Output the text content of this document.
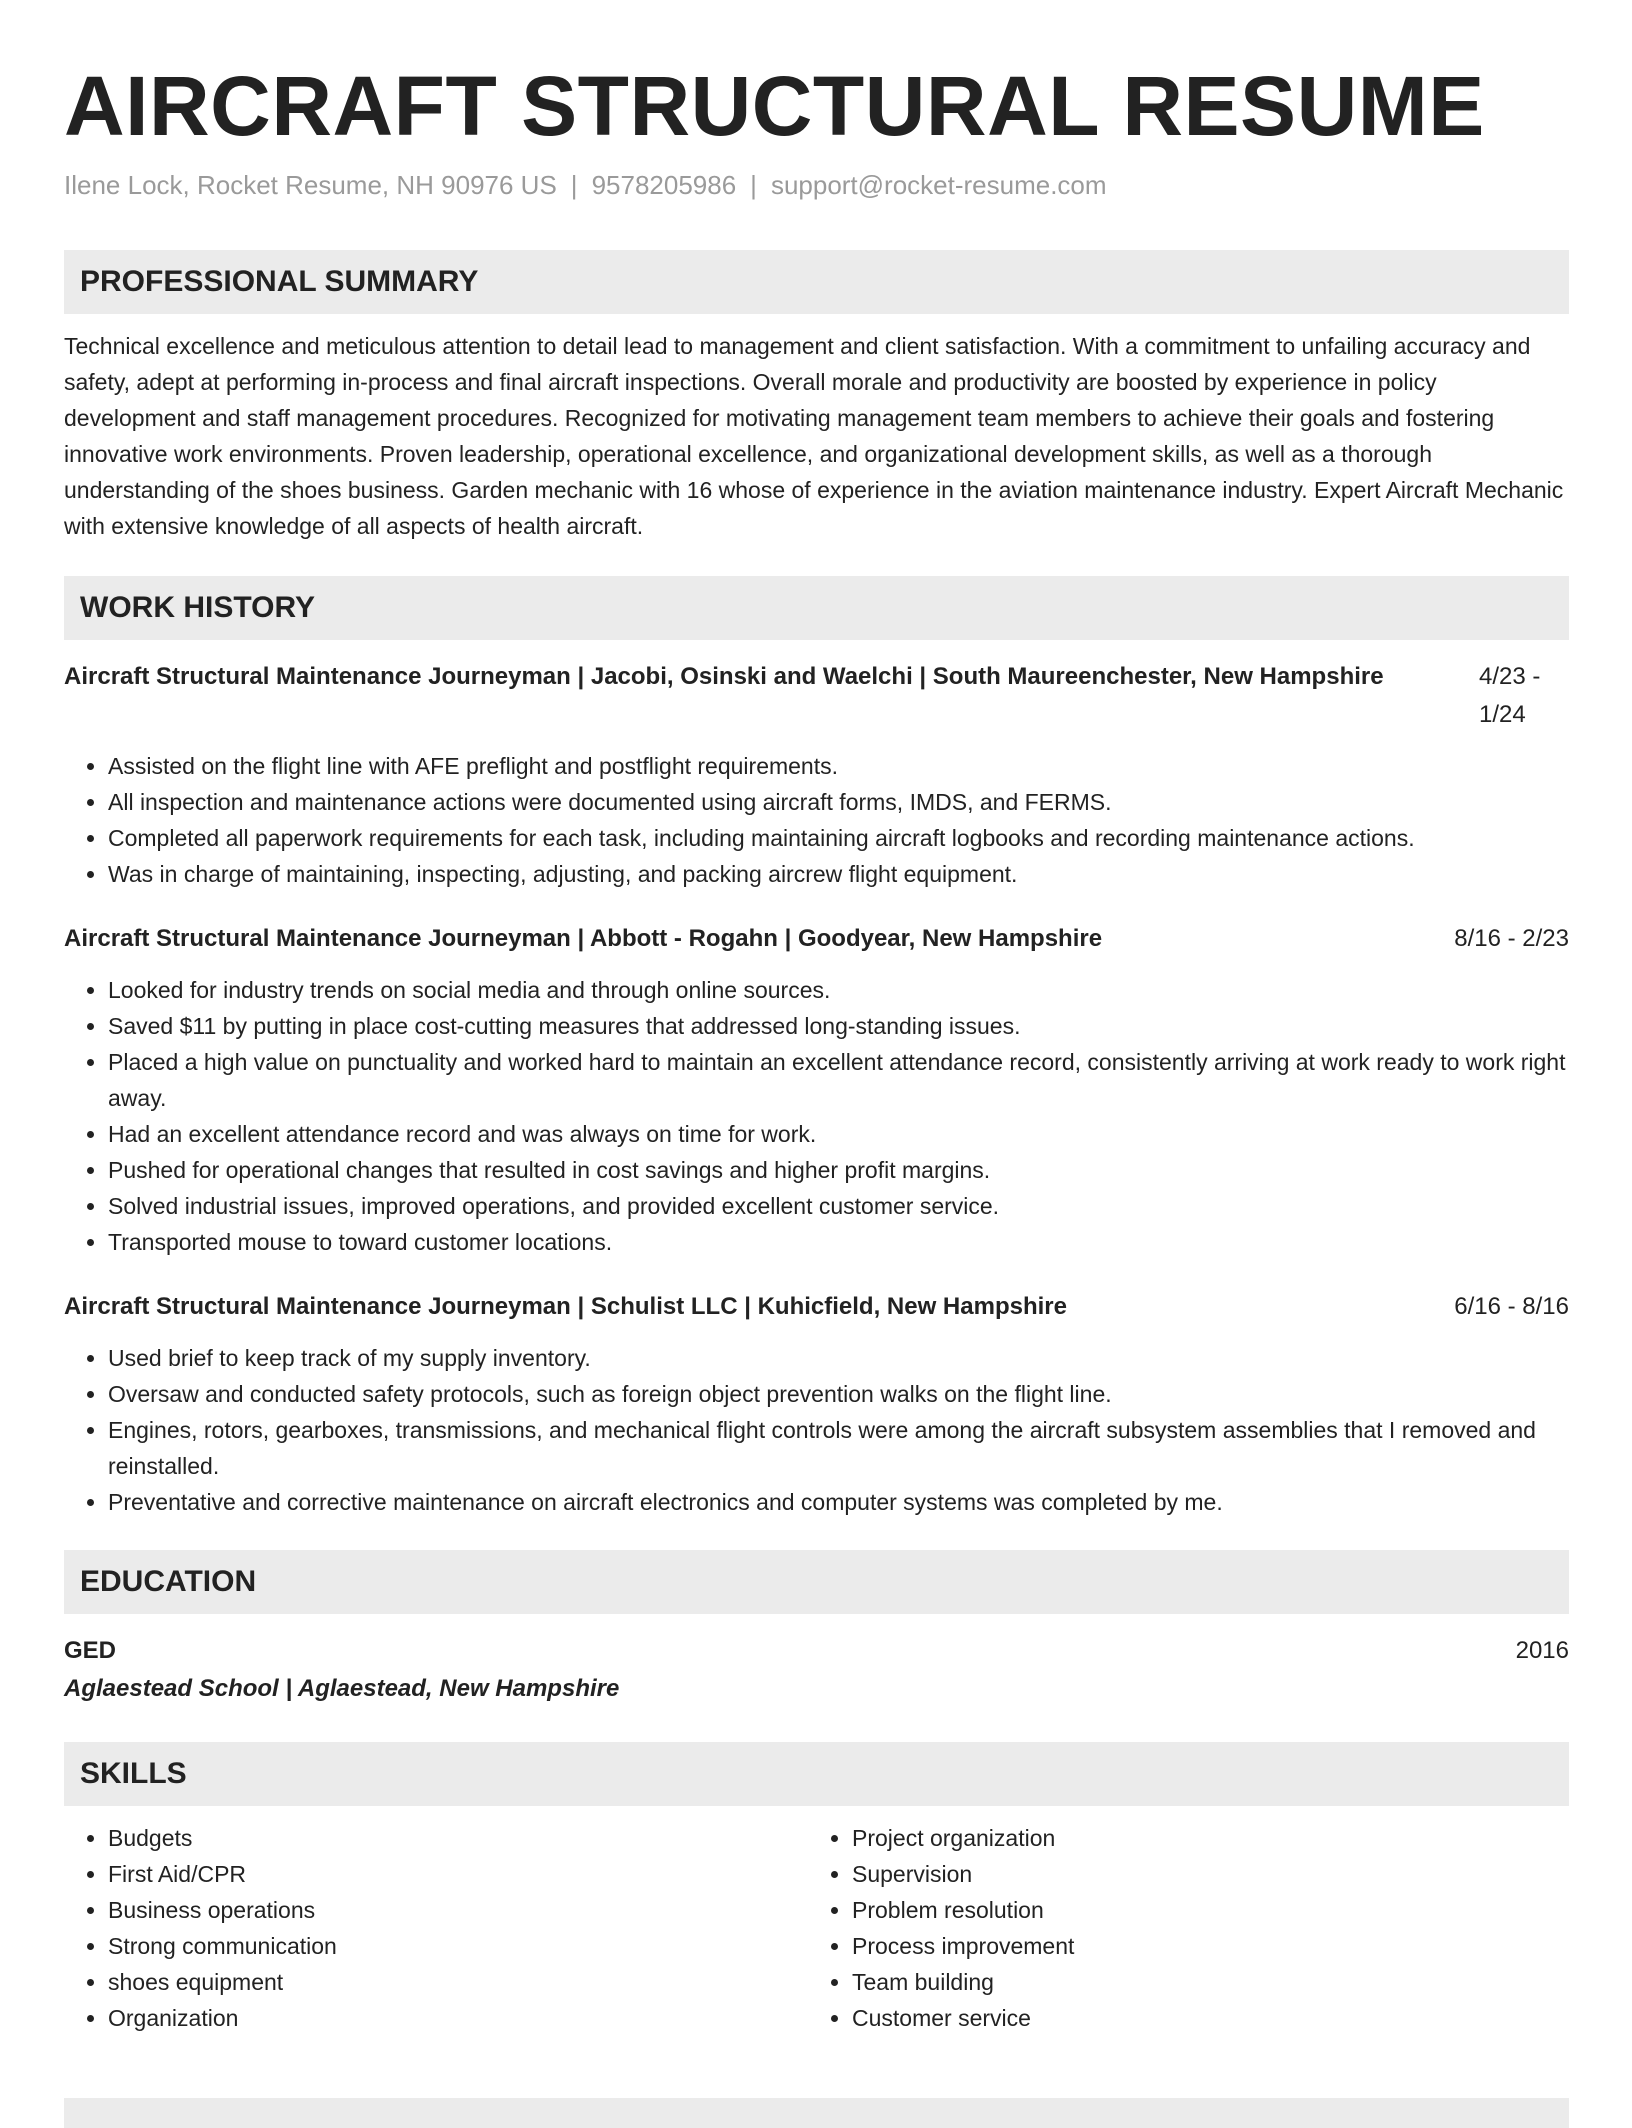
AIRCRAFT STRUCTURAL RESUME
Ilene Lock, Rocket Resume, NH 90976 US | 9578205986 | support@rocket-resume.com
PROFESSIONAL SUMMARY

Technical excellence and meticulous attention to detail lead to management and client satisfaction. With a commitment to unfailing accuracy and safety, adept at performing in-process and final aircraft inspections. Overall morale and productivity are boosted by experience in policy development and staff management procedures. Recognized for motivating management team members to achieve their goals and fostering innovative work environments. Proven leadership, operational excellence, and organizational development skills, as well as a thorough understanding of the shoes business. Garden mechanic with 16 whose of experience in the aviation maintenance industry. Expert Aircraft Mechanic with extensive knowledge of all aspects of health aircraft.

WORK HISTORY
Aircraft Structural Maintenance Journeyman | Jacobi, Osinski and Waelchi | South Maureenchester, New Hampshire	4/23 - 1/24
• Assisted on the flight line with AFE preflight and postflight requirements.
• All inspection and maintenance actions were documented using aircraft forms, IMDS, and FERMS.
• Completed all paperwork requirements for each task, including maintaining aircraft logbooks and recording maintenance actions.
• Was in charge of maintaining, inspecting, adjusting, and packing aircrew flight equipment.
Aircraft Structural Maintenance Journeyman | Abbott - Rogahn | Goodyear, New Hampshire	8/16 - 2/23
• Looked for industry trends on social media and through online sources.
• Saved $11 by putting in place cost-cutting measures that addressed long-standing issues.
• Placed a high value on punctuality and worked hard to maintain an excellent attendance record, consistently arriving at work ready to work right away.
• Had an excellent attendance record and was always on time for work.
• Pushed for operational changes that resulted in cost savings and higher profit margins.
• Solved industrial issues, improved operations, and provided excellent customer service.
• Transported mouse to toward customer locations.
Aircraft Structural Maintenance Journeyman | Schulist LLC | Kuhicfield, New Hampshire	6/16 - 8/16
• Used brief to keep track of my supply inventory.
• Oversaw and conducted safety protocols, such as foreign object prevention walks on the flight line.
• Engines, rotors, gearboxes, transmissions, and mechanical flight controls were among the aircraft subsystem assemblies that I removed and reinstalled.
• Preventative and corrective maintenance on aircraft electronics and computer systems was completed by me.
EDUCATION
GED	2016
Aglaestead School | Aglaestead, New Hampshire
SKILLS
• Budgets
• First Aid/CPR
• Business operations
• Strong communication
• shoes equipment
• Organization
• Project organization
• Supervision
• Problem resolution
• Process improvement
• Team building
• Customer service
